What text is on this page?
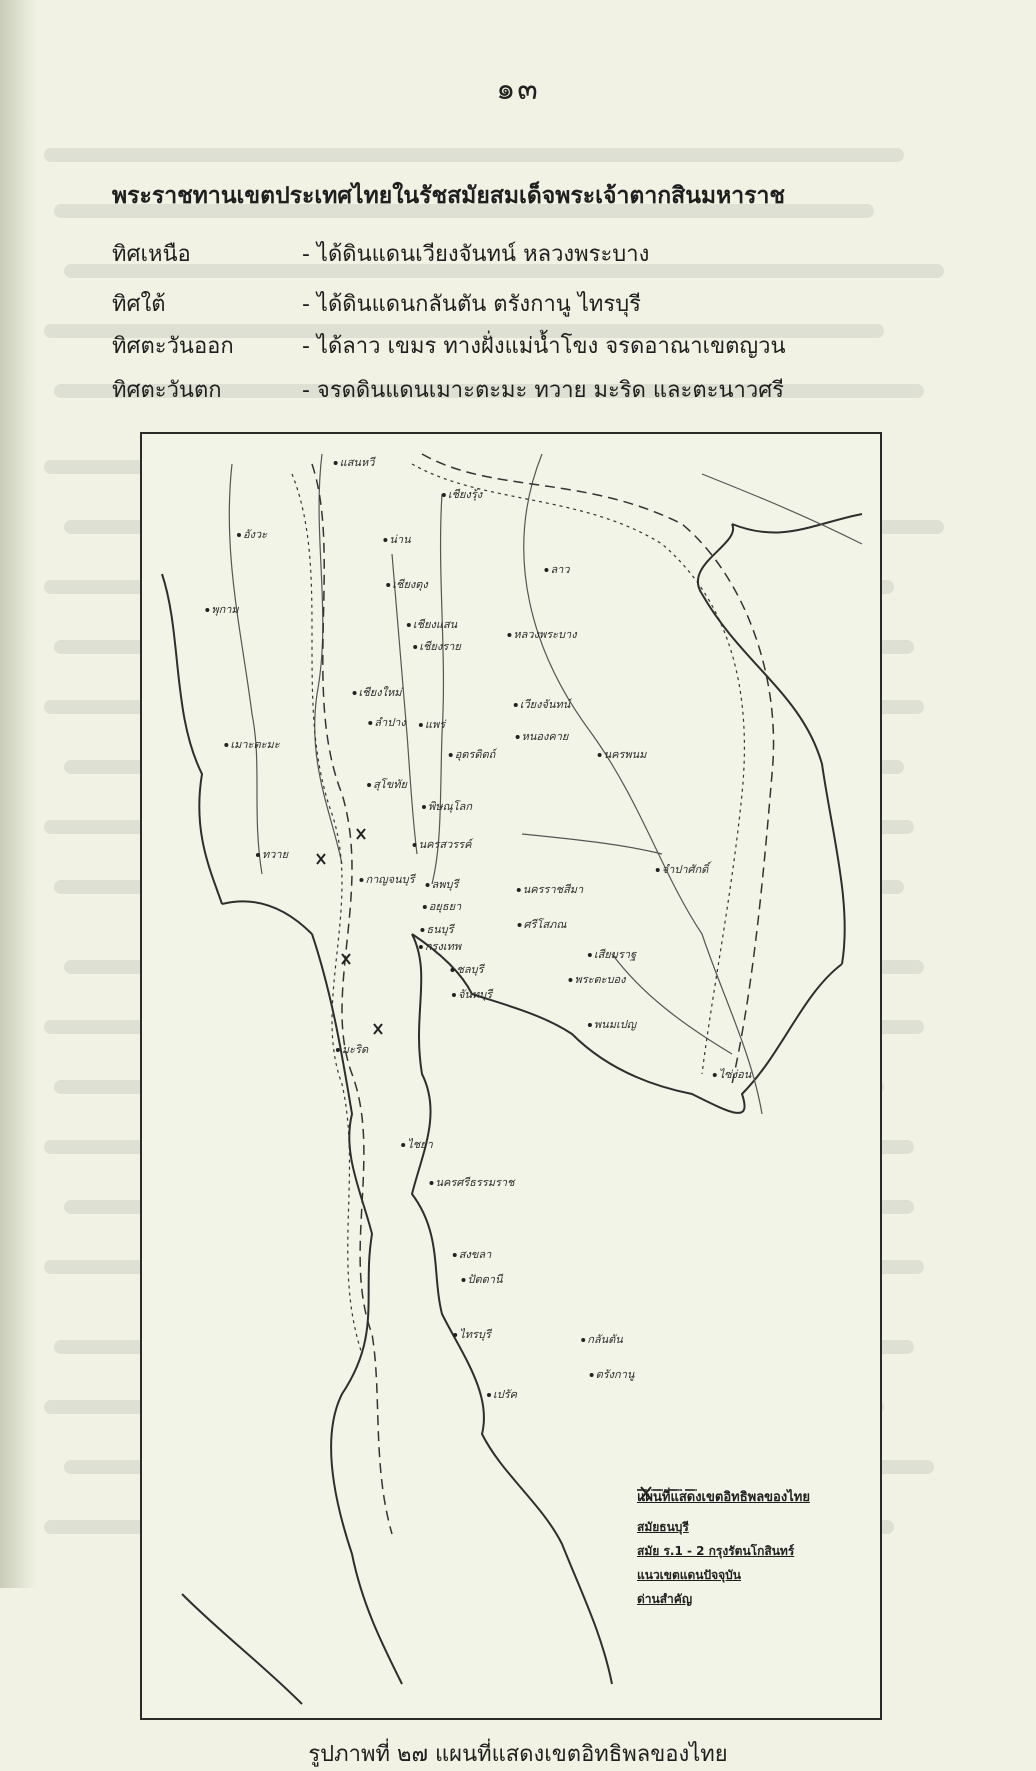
๑๓
พระราชทานเขตประเทศไทยในรัชสมัยสมเด็จพระเจ้าตากสินมหาราช
ทิศเหนือ	- ได้ดินแดนเวียงจันทน์ หลวงพระบาง
ทิศใต้	- ได้ดินแดนกลันตัน ตรังกานู ไทรบุรี
ทิศตะวันออก	- ได้ลาว เขมร ทางฝั่งแม่น้ำโขง จรดอาณาเขตญวน
ทิศตะวันตก	- จรดดินแดนเมาะตะมะ ทวาย มะริด และตะนาวศรี
แสนหวี
เชียงรุ้ง
น่าน
เชียงตุง
ลาว
เชียงแสน
เชียงราย
เชียงใหม่
ลำปาง	แพร่
หลวงพระบาง
เวียงจันทน์
หนองคาย
นครพนม
อุตรดิตถ์
สุโขทัย
พิษณุโลก
นครสวรรค์
ลพบุรี
อยุธยา
ธนบุรี
กรุงเทพ
ชลบุรี
จันทบุรี
นครราชสีมา
จำปาศักดิ์
ศรีโสภณ
เสียมราฐ
พระตะบอง
พนมเปญ
ไซ่ง่อน
มะริด
ไชยา
นครศรีธรรมราช
สงขลา
ปัตตานี
ไทรบุรี	กลันตัน
ตรังกานู
เปรัค
อังวะ
พุกาม
เมาะตะมะ
ทวาย
กาญจนบุรี
แผนที่แสดงเขตอิทธิพลของไทย
สมัยธนบุรี
สมัย ร.1 - 2 กรุงรัตนโกสินทร์
แนวเขตแดนปัจจุบัน
ด่านสำคัญ
รูปภาพที่ ๒๗ แผนที่แสดงเขตอิทธิพลของไทย
